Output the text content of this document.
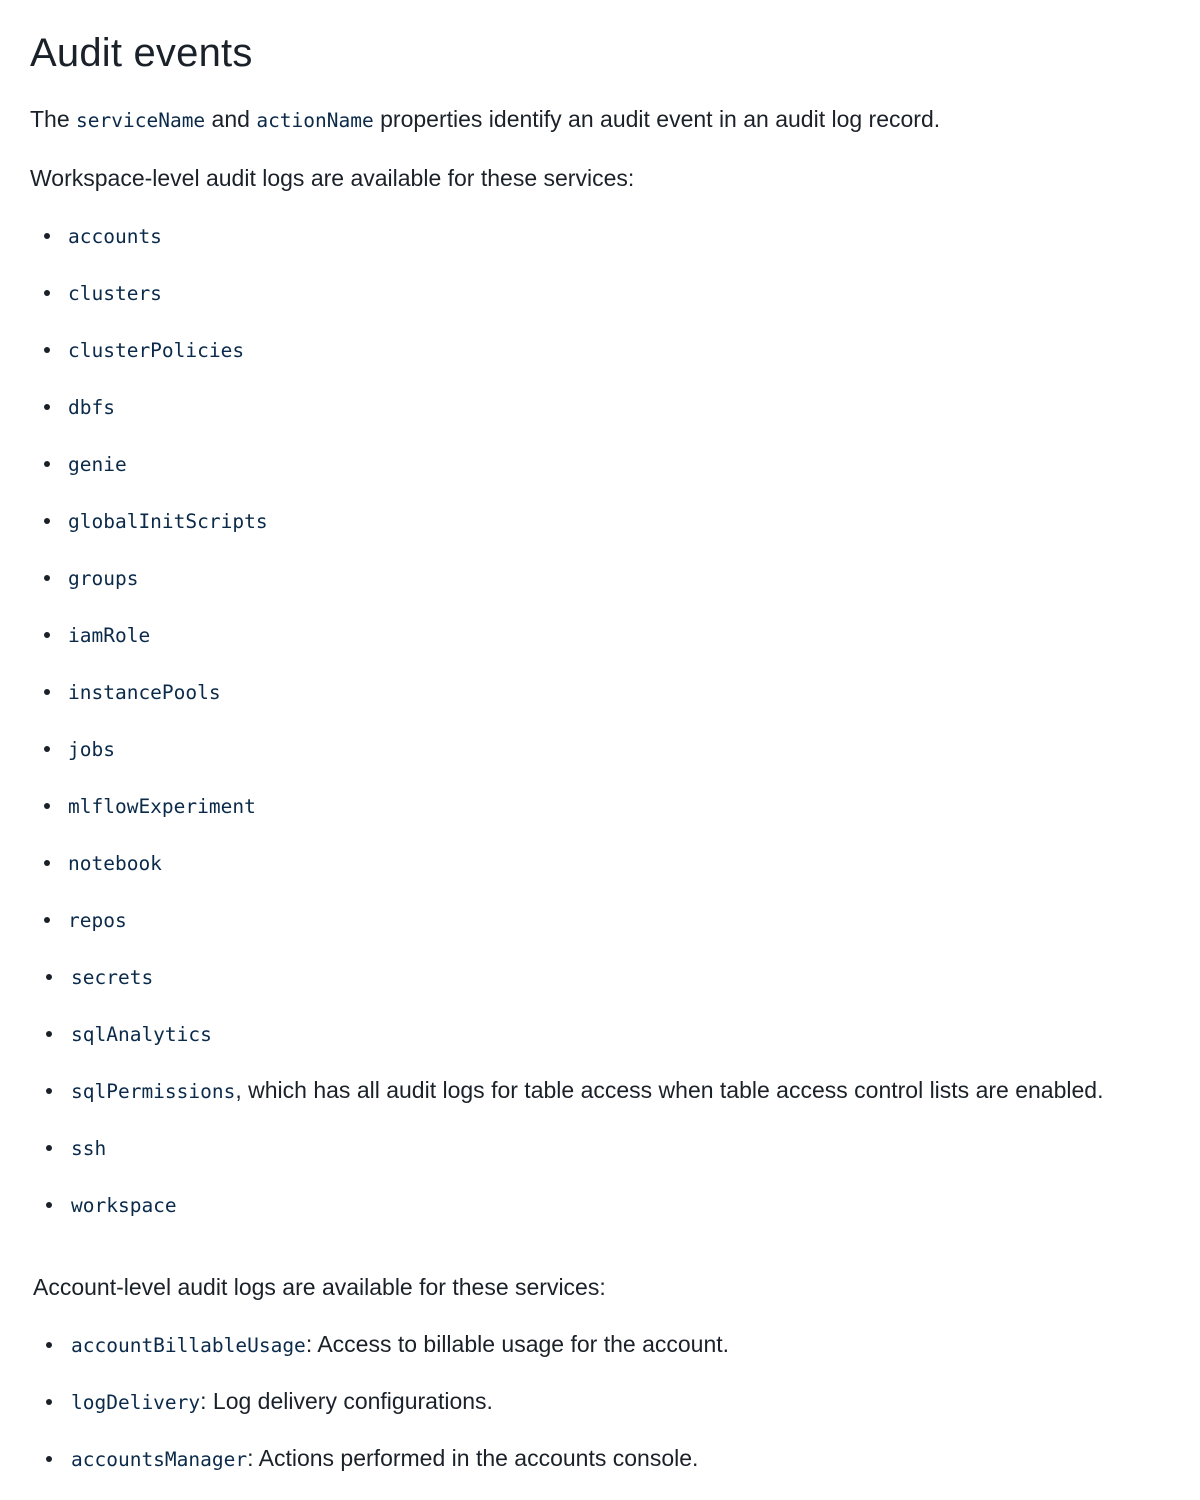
Audit events

The serviceName and actionName properties identify an audit event in an audit log record.

Workspace-level audit logs are available for these services:

accounts
clusters
clusterPolicies
dbfs
genie
globalInitScripts
groups
iamRole
instancePools
jobs
mlflowExperiment
notebook
repos
secrets
sqlAnalytics
sqlPermissions, which has all audit logs for table access when table access control lists are enabled.
ssh
workspace

Account-level audit logs are available for these services:

accountBillableUsage: Access to billable usage for the account.
logDelivery: Log delivery configurations.
accountsManager: Actions performed in the accounts console.
